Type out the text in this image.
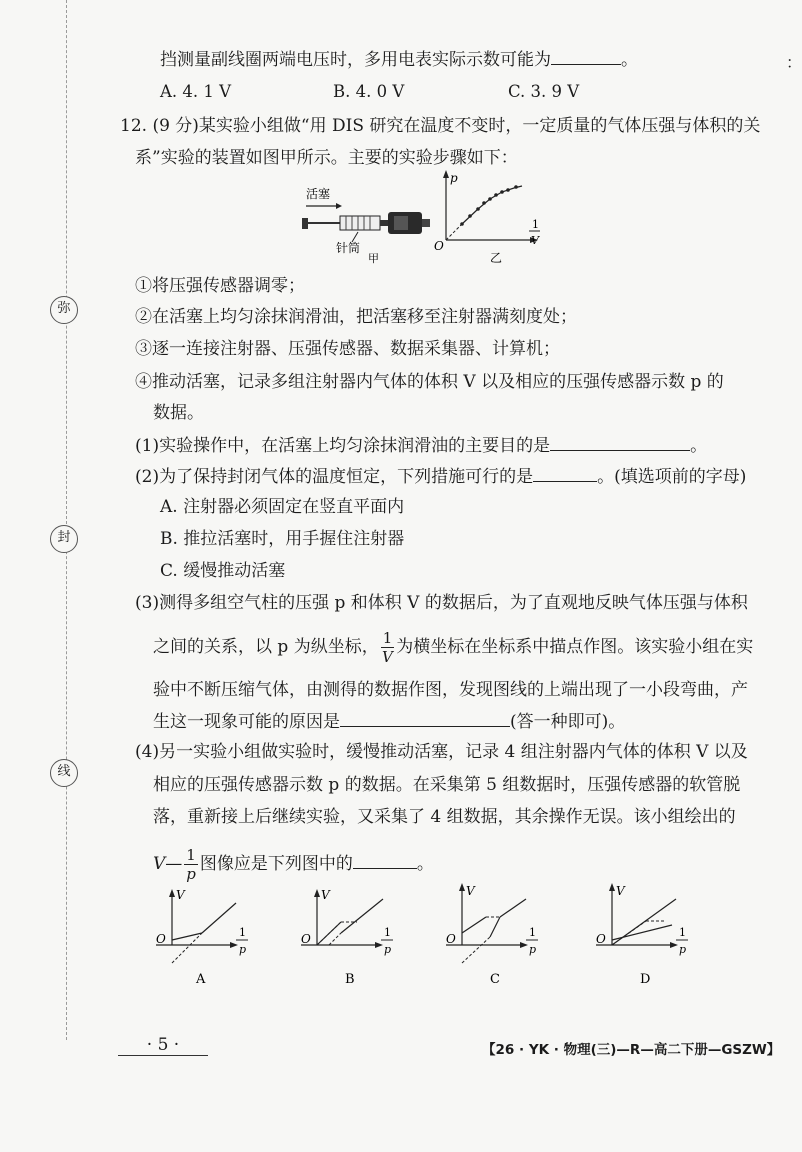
弥
封
线
：
挡测量副线圈两端电压时，多用电表实际示数可能为	。
A. 4. 1 V	B. 4. 0 V	C. 3. 9 V
12. (9 分)某实验小组做“用 DIS 研究在温度不变时，一定质量的气体压强与体积的关
系”实验的装置如图甲所示。主要的实验步骤如下：
活塞
针筒
甲
p
O
1
V
乙
①将压强传感器调零；
②在活塞上均匀涂抹润滑油，把活塞移至注射器满刻度处；
③逐一连接注射器、压强传感器、数据采集器、计算机；
④推动活塞，记录多组注射器内气体的体积 V 以及相应的压强传感器示数 p 的
数据。
(1)实验操作中，在活塞上均匀涂抹润滑油的主要目的是	。
(2)为了保持封闭气体的温度恒定，下列措施可行的是	。(填选项前的字母)
A. 注射器必须固定在竖直平面内
B. 推拉活塞时，用手握住注射器
C. 缓慢推动活塞
(3)测得多组空气柱的压强 p 和体积 V 的数据后，为了直观地反映气体压强与体积
之间的关系，以 p 为纵坐标， $\frac{1}{V}$ 为横坐标在坐标系中描点作图。该实验小组在实
验中不断压缩气体，由测得的数据作图，发现图线的上端出现了一小段弯曲，产
生这一现象可能的原因是	(答一种即可)。
(4)另一实验小组做实验时，缓慢推动活塞，记录 4 组注射器内气体的体积 V 以及
相应的压强传感器示数 p 的数据。在采集第 5 组数据时，压强传感器的软管脱
落，重新接上后继续实验，又采集了 4 组数据，其余操作无误。该小组绘出的
V— $\frac{1}{p}$ 图像应是下列图中的	。
V
O	1
p
A
V
O	1
p
B
V
O	1
p
C
V
O	1
p
D
· 5 ·	【26 · YK · 物理(三)—R—高二下册—GSZW】
